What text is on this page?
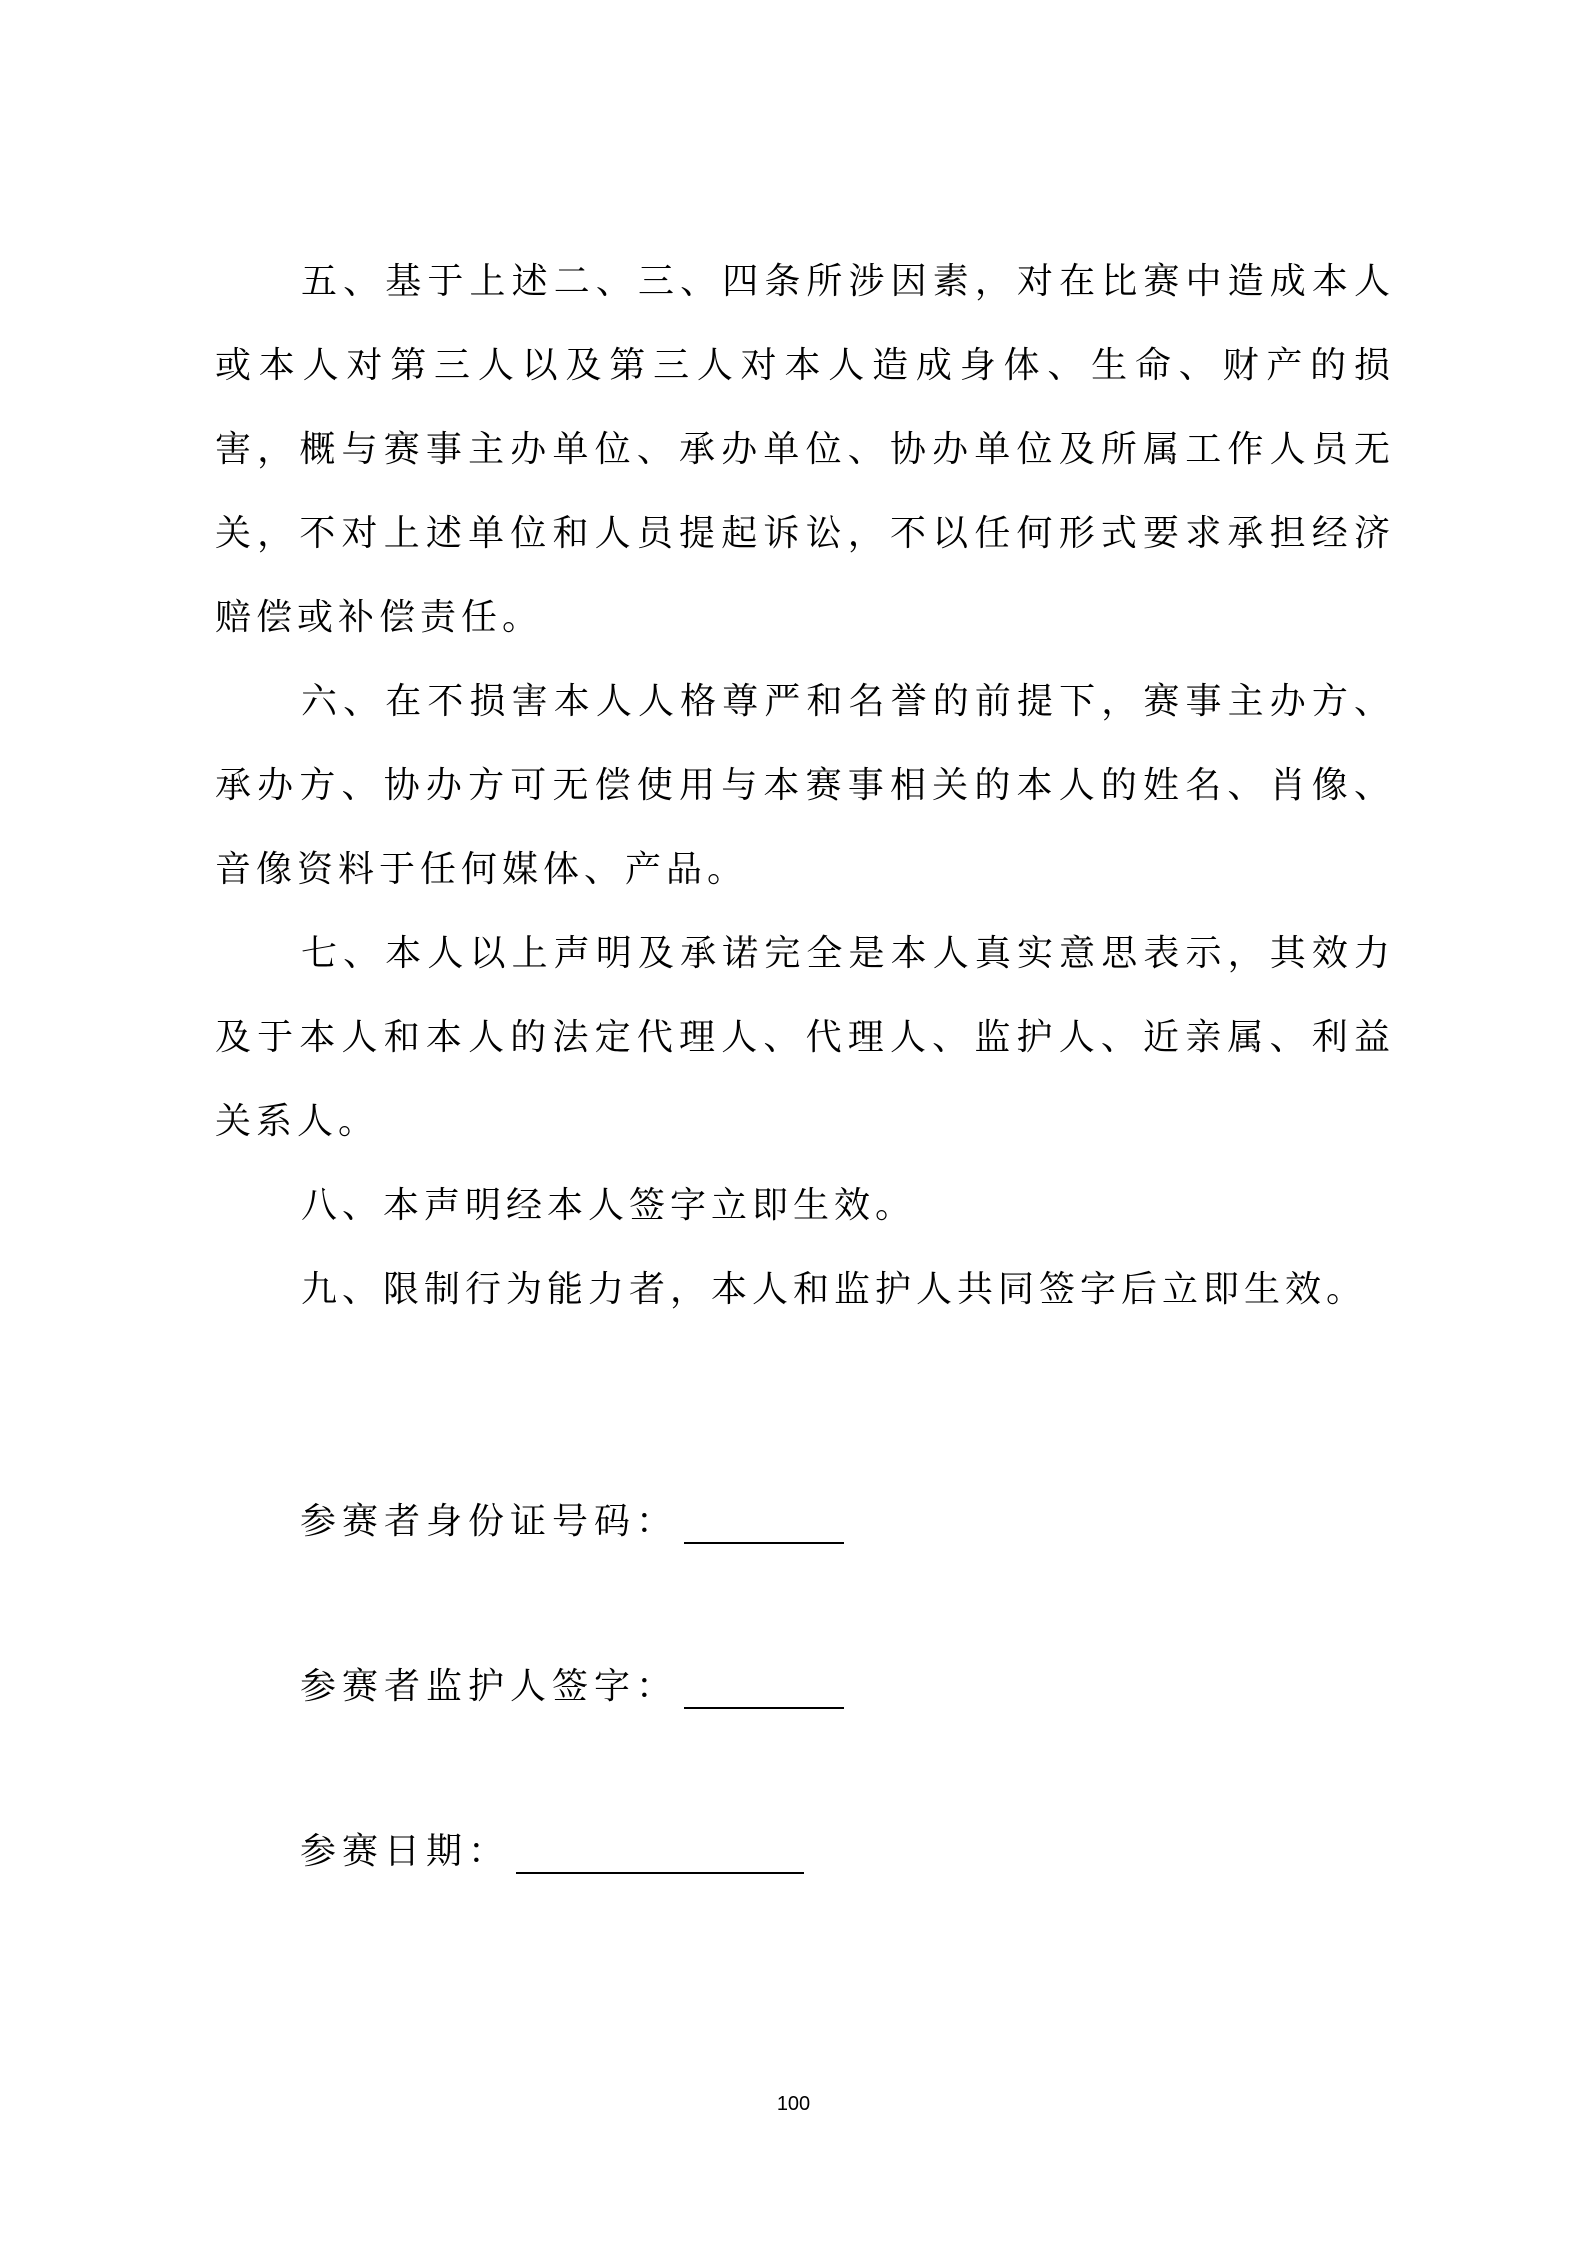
五、基于上述二、三、四条所涉因素，对在比赛中造成本人或本人对第三人以及第三人对本人造成身体、生命、财产的损害，概与赛事主办单位、承办单位、协办单位及所属工作人员无关，不对上述单位和人员提起诉讼，不以任何形式要求承担经济赔偿或补偿责任。

六、在不损害本人人格尊严和名誉的前提下，赛事主办方、承办方、协办方可无偿使用与本赛事相关的本人的姓名、肖像、音像资料于任何媒体、产品。

七、本人以上声明及承诺完全是本人真实意思表示，其效力及于本人和本人的法定代理人、代理人、监护人、近亲属、利益关系人。

八、本声明经本人签字立即生效。

九、限制行为能力者，本人和监护人共同签字后立即生效。

参赛者身份证号码：
参赛者监护人签字：
参赛日期：
100
